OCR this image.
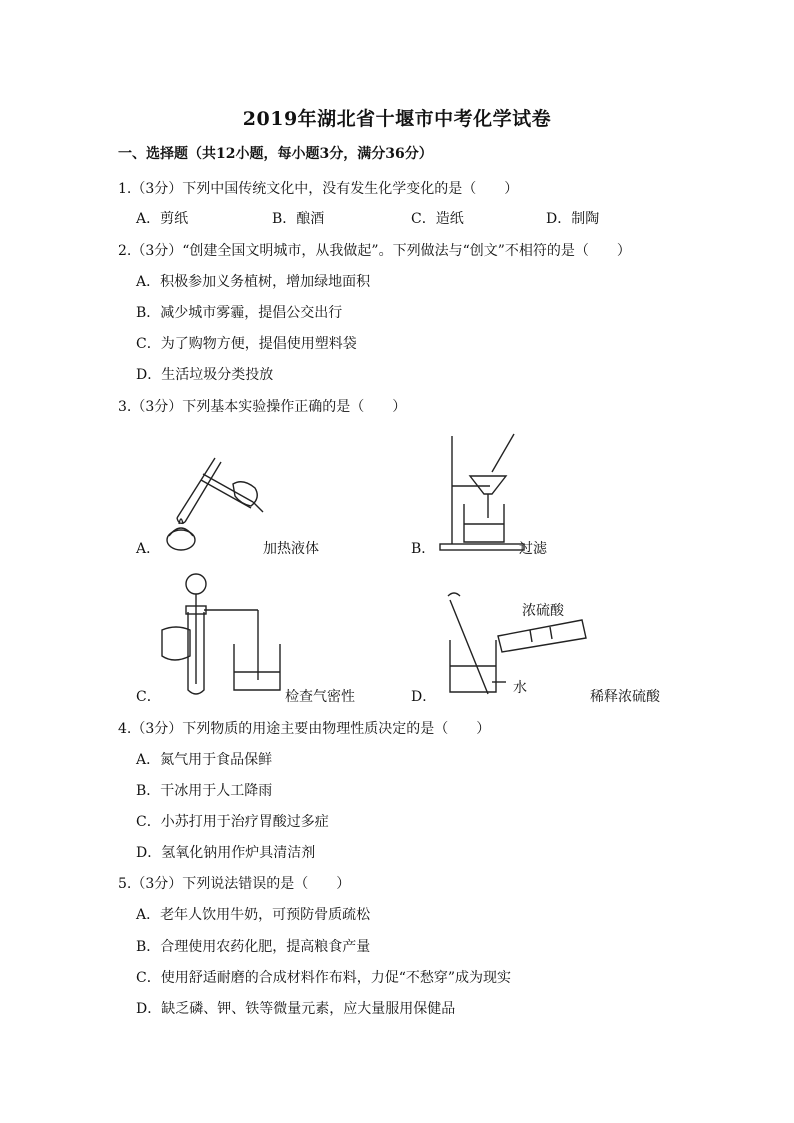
2019年湖北省十堰市中考化学试卷
一、选择题（共12小题，每小题3分，满分36分）
1.（3分）下列中国传统文化中，没有发生化学变化的是（　　）
A．剪纸	B．酿酒	C．造纸	D．制陶
2.（3分）“创建全国文明城市，从我做起”。下列做法与“创文”不相符的是（　　）
A．积极参加义务植树，增加绿地面积
B．减少城市雾霾，提倡公交出行
C．为了购物方便，提倡使用塑料袋
D．生活垃圾分类投放
3.（3分）下列基本实验操作正确的是（　　）
A．	加热液体	B．	过滤
C．	检查气密性
浓硫酸
水
D．	稀释浓硫酸
4.（3分）下列物质的用途主要由物理性质决定的是（　　）
A．氮气用于食品保鲜
B．干冰用于人工降雨
C．小苏打用于治疗胃酸过多症
D．氢氧化钠用作炉具清洁剂
5.（3分）下列说法错误的是（　　）
A．老年人饮用牛奶，可预防骨质疏松
B．合理使用农药化肥，提高粮食产量
C．使用舒适耐磨的合成材料作布料，力促“不愁穿”成为现实
D．缺乏磷、钾、铁等微量元素，应大量服用保健品
